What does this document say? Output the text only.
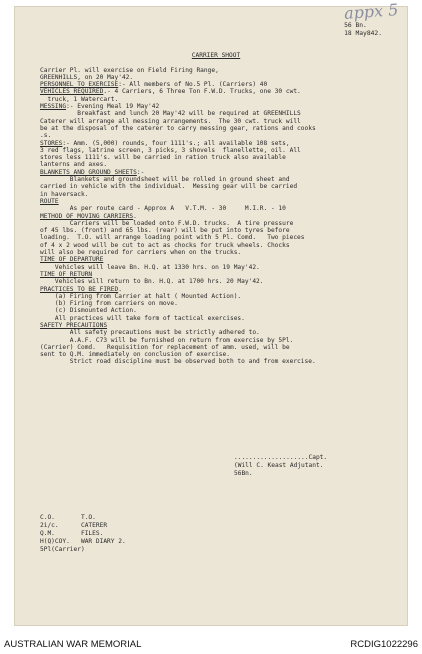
appx 5
56 Bn.
18 May842.
CARRIER SHOOT

Carrier Pl. will exercise on Field Firing Range,
GREENHILLS, on 20 May'42.
PERSONNEL TO EXERCISE:- All members of No.5 Pl. (Carriers) 40
VEHICLES REQUIRED.- 4 Carriers, 6 Three Ton F.W.D. Trucks, one 30 cwt.
truck, 1 Watercart.
MESSING:- Evening Meal 19 May'42
Breakfast and lunch 20 May'42 will be required at GREENHILLS
Caterer will arrange all messing arrangements.  The 30 cwt. truck will
be at the disposal of the caterer to carry messing gear, rations and cooks
.s.
STORES:- Amm. (5,000) rounds, four 1111's.; all available 108 sets,
3 red flags, latrine screen, 3 picks, 3 shovels  flanellette, oil. All
stores less 1111's. will be carried in ration truck also available
lanterns and axes.
BLANKETS AND GROUND SHEETS:-
Blankets and groundsheet will be rolled in ground sheet and
carried in vehicle with the individual.  Messing gear will be carried
in haversack.
ROUTE
As per route card - Approx A   V.T.M. - 30     M.I.R. - 10
METHOD OF MOVING CARRIERS.
Carriers will be loaded onto F.W.D. trucks.  A tire pressure
of 45 lbs. (front) and 65 lbs. (rear) will be put into tyres before
loading.  T.O. will arrange loading point with 5 Pl. Comd.   Two pieces
of 4 x 2 wood will be cut to act as chocks for truck wheels. Chocks
will also be required for carriers when on the trucks.
TIME OF DEPARTURE
Vehicles will leave Bn. H.Q. at 1330 hrs. on 19 May'42.
TIME OF RETURN
Vehicles will return to Bn. H.Q. at 1700 hrs. 20 May'42.
PRACTICES TO BE FIRED.
(a) Firing from Carrier at halt ( Mounted Action).
(b) Firing from carriers on move.
(c) Dismounted Action.
All practices will take form of tactical exercises.
SAFETY PRECAUTIONS
All safety precautions must be strictly adhered to.
A.A.F. C73 will be furnished on return from exercise by 5Pl.
(Carrier) Comd.   Requisition for replacement of amm. used, will be
sent to Q.M. immediately on conclusion of exercise.
Strict road discipline must be observed both to and from exercise.
....................Capt.
(Will C. Keast Adjutant.
56Bn.
C.O.       T.O.
2i/c.      CATERER
Q.M.       FILES.
H(Q)COY.   WAR DIARY 2.
5Pl(Carrier)
AUSTRALIAN WAR MEMORIAL	RCDIG1022296
